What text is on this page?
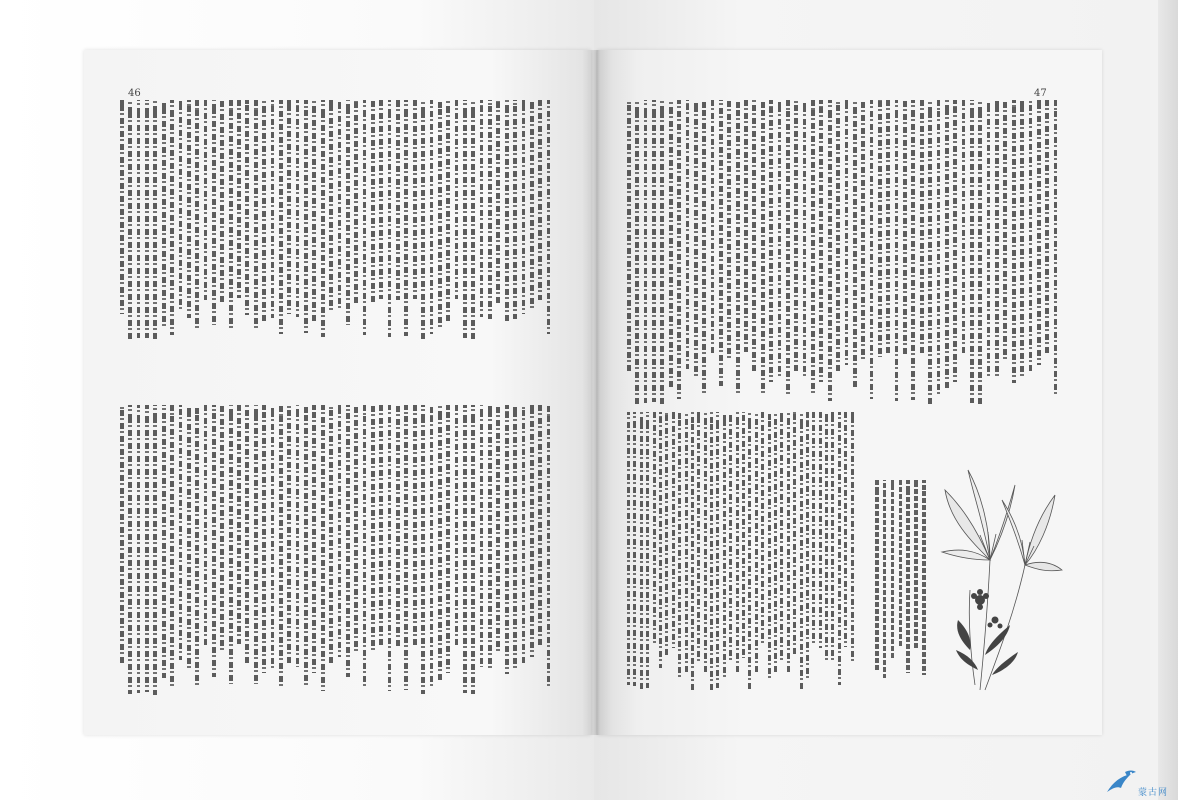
46	47
蒙古网
